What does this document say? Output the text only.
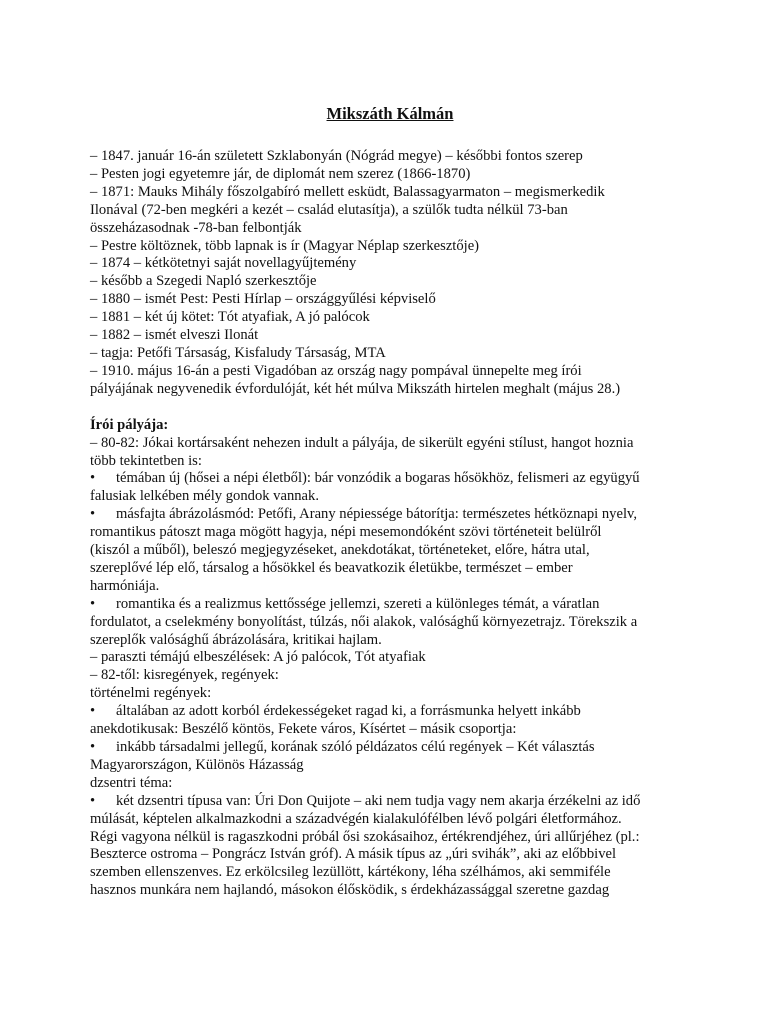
Mikszáth Kálmán
– 1847. január 16-án született Szklabonyán (Nógrád megye) – későbbi fontos szerep
– Pesten jogi egyetemre jár, de diplomát nem szerez (1866-1870)
– 1871: Mauks Mihály főszolgabíró mellett esküdt, Balassagyarmaton – megismerkedik
Ilonával (72-ben megkéri a kezét – család elutasítja), a szülők tudta nélkül 73-ban
összeházasodnak -78-ban felbontják
– Pestre költöznek, több lapnak is ír (Magyar Néplap szerkesztője)
– 1874 – kétkötetnyi saját novellagyűjtemény
– később a Szegedi Napló szerkesztője
– 1880 – ismét Pest: Pesti Hírlap – országgyűlési képviselő
– 1881 – két új kötet: Tót atyafiak, A jó palócok
– 1882 – ismét elveszi Ilonát
– tagja: Petőfi Társaság, Kisfaludy Társaság, MTA
– 1910. május 16-án a pesti Vigadóban az ország nagy pompával ünnepelte meg írói
pályájának negyvenedik évfordulóját, két hét múlva Mikszáth hirtelen meghalt (május 28.)
Írói pályája:
– 80-82: Jókai kortársaként nehezen indult a pályája, de sikerült egyéni stílust, hangot hoznia
több tekintetben is:
• témában új (hősei a népi életből): bár vonzódik a bogaras hősökhöz, felismeri az együgyű
falusiak lelkében mély gondok vannak.
• másfajta ábrázolásmód: Petőfi, Arany népiessége bátorítja: természetes hétköznapi nyelv,
romantikus pátoszt maga mögött hagyja, népi mesemondóként szövi történeteit belülről
(kiszól a műből), beleszó megjegyzéseket, anekdotákat, történeteket, előre, hátra utal,
szereplővé lép elő, társalog a hősökkel és beavatkozik életükbe, természet – ember
harmóniája.
• romantika és a realizmus kettőssége jellemzi, szereti a különleges témát, a váratlan
fordulatot, a cselekmény bonyolítást, túlzás, női alakok, valósághű környezetrajz. Törekszik a
szereplők valósághű ábrázolására, kritikai hajlam.
– paraszti témájú elbeszélések: A jó palócok, Tót atyafiak
– 82-től: kisregények, regények:
történelmi regények:
• általában az adott korból érdekességeket ragad ki, a forrásmunka helyett inkább
anekdotikusak: Beszélő köntös, Fekete város, Kísértet – másik csoportja:
• inkább társadalmi jellegű, korának szóló példázatos célú regények – Két választás
Magyarországon, Különös Házasság
dzsentri téma:
• két dzsentri típusa van: Úri Don Quijote – aki nem tudja vagy nem akarja érzékelni az idő
múlását, képtelen alkalmazkodni a századvégén kialakulófélben lévő polgári életformához.
Régi vagyona nélkül is ragaszkodni próbál ősi szokásaihoz, értékrendjéhez, úri allűrjéhez (pl.:
Beszterce ostroma – Pongrácz István gróf). A másik típus az „úri svihák”, aki az előbbivel
szemben ellenszenves. Ez erkölcsileg lezüllött, kártékony, léha szélhámos, aki semmiféle
hasznos munkára nem hajlandó, másokon élősködik, s érdekházassággal szeretne gazdag
